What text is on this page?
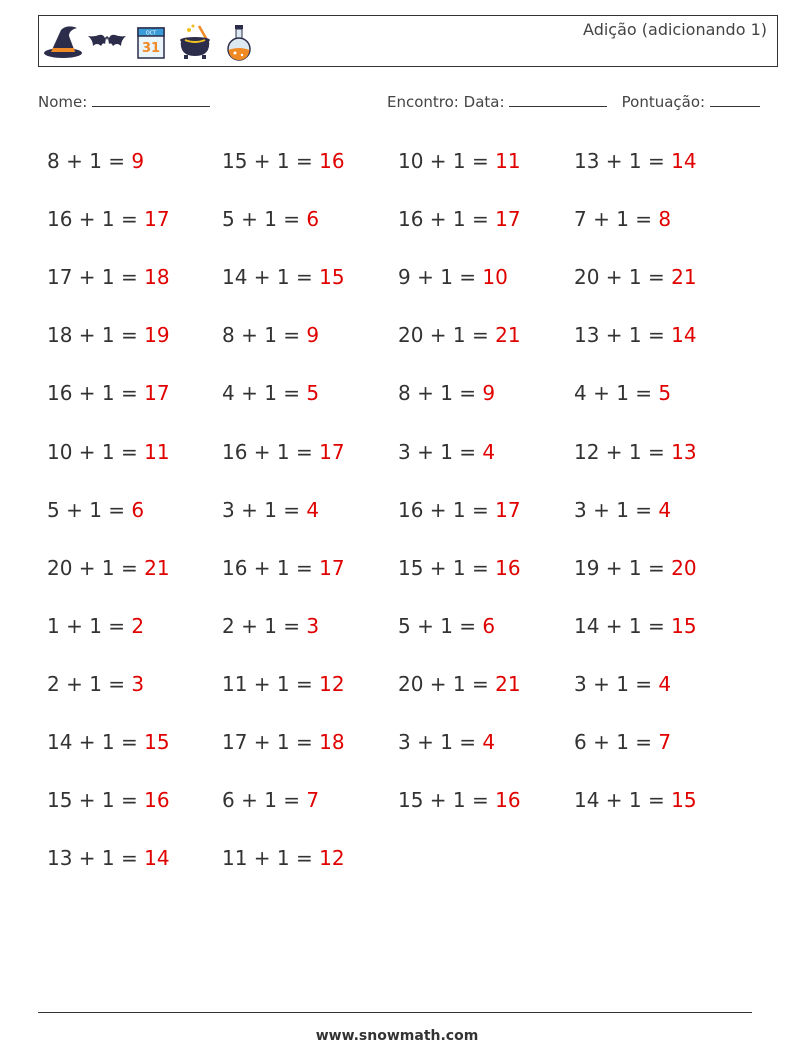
OCT
31
Adição (adicionando 1)
Nome:	Encontro: Data:	Pontuação:
8 + 1 = 9	15 + 1 = 16	10 + 1 = 11	13 + 1 = 14
16 + 1 = 17	5 + 1 = 6	16 + 1 = 17	7 + 1 = 8
17 + 1 = 18	14 + 1 = 15	9 + 1 = 10	20 + 1 = 21
18 + 1 = 19	8 + 1 = 9	20 + 1 = 21	13 + 1 = 14
16 + 1 = 17	4 + 1 = 5	8 + 1 = 9	4 + 1 = 5
10 + 1 = 11	16 + 1 = 17	3 + 1 = 4	12 + 1 = 13
5 + 1 = 6	3 + 1 = 4	16 + 1 = 17	3 + 1 = 4
20 + 1 = 21	16 + 1 = 17	15 + 1 = 16	19 + 1 = 20
1 + 1 = 2	2 + 1 = 3	5 + 1 = 6	14 + 1 = 15
2 + 1 = 3	11 + 1 = 12	20 + 1 = 21	3 + 1 = 4
14 + 1 = 15	17 + 1 = 18	3 + 1 = 4	6 + 1 = 7
15 + 1 = 16	6 + 1 = 7	15 + 1 = 16	14 + 1 = 15
13 + 1 = 14	11 + 1 = 12
www.snowmath.com
